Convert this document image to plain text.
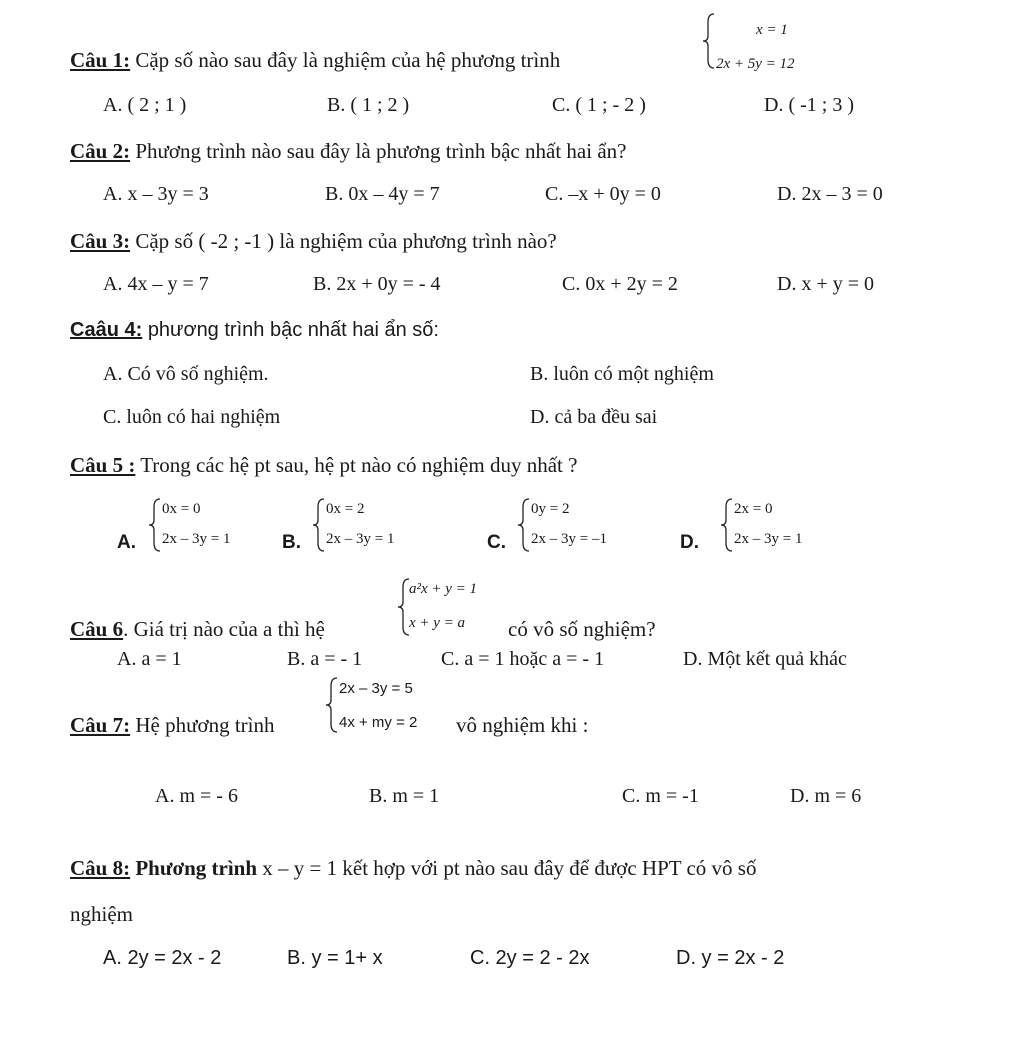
Câu 1: Cặp số nào sau đây là nghiệm của hệ phương trình
x = 1
2x + 5y = 12
A. ( 2 ; 1 )	B. ( 1 ; 2 )	C. ( 1 ; - 2 )	D. ( -1 ; 3 )
Câu 2: Phương trình nào sau đây là phương trình bậc nhất hai ẩn?
A. x – 3y = 3	B. 0x – 4y = 7	C. –x + 0y = 0	D. 2x – 3 = 0
Câu 3: Cặp số ( -2 ; -1 ) là nghiệm của phương trình nào?
A. 4x – y = 7	B. 2x + 0y = - 4	C. 0x + 2y = 2	D. x + y = 0
Caâu 4: phương trình bậc nhất hai ẩn số:
A. Có vô số nghiệm.	B. luôn có một nghiệm
C. luôn có hai nghiệm	D. cả ba đều sai
Câu 5 : Trong các hệ pt sau, hệ pt nào có nghiệm duy nhất ?
A.
0x = 0
2x – 3y = 1	B.
0x = 2
2x – 3y = 1	C.
0y = 2
2x – 3y = –1	D.
2x = 0
2x – 3y = 1
Câu 6. Giá trị nào của a thì hệ
a²x + y = 1
x + y = a có vô số nghiệm?
A. a = 1	B. a = - 1	C. a = 1 hoặc a = - 1	D. Một kết quả khác
Câu 7: Hệ phương trình
2x – 3y = 5
4x + my = 2 vô nghiệm khi :
A. m = - 6	B. m = 1	C. m = -1	D. m = 6
Câu 8: Phương trình x – y = 1 kết hợp với pt nào sau đây để được HPT có vô số
nghiệm
A. 2y = 2x - 2	B. y = 1+ x	C. 2y = 2 - 2x	D. y = 2x - 2
